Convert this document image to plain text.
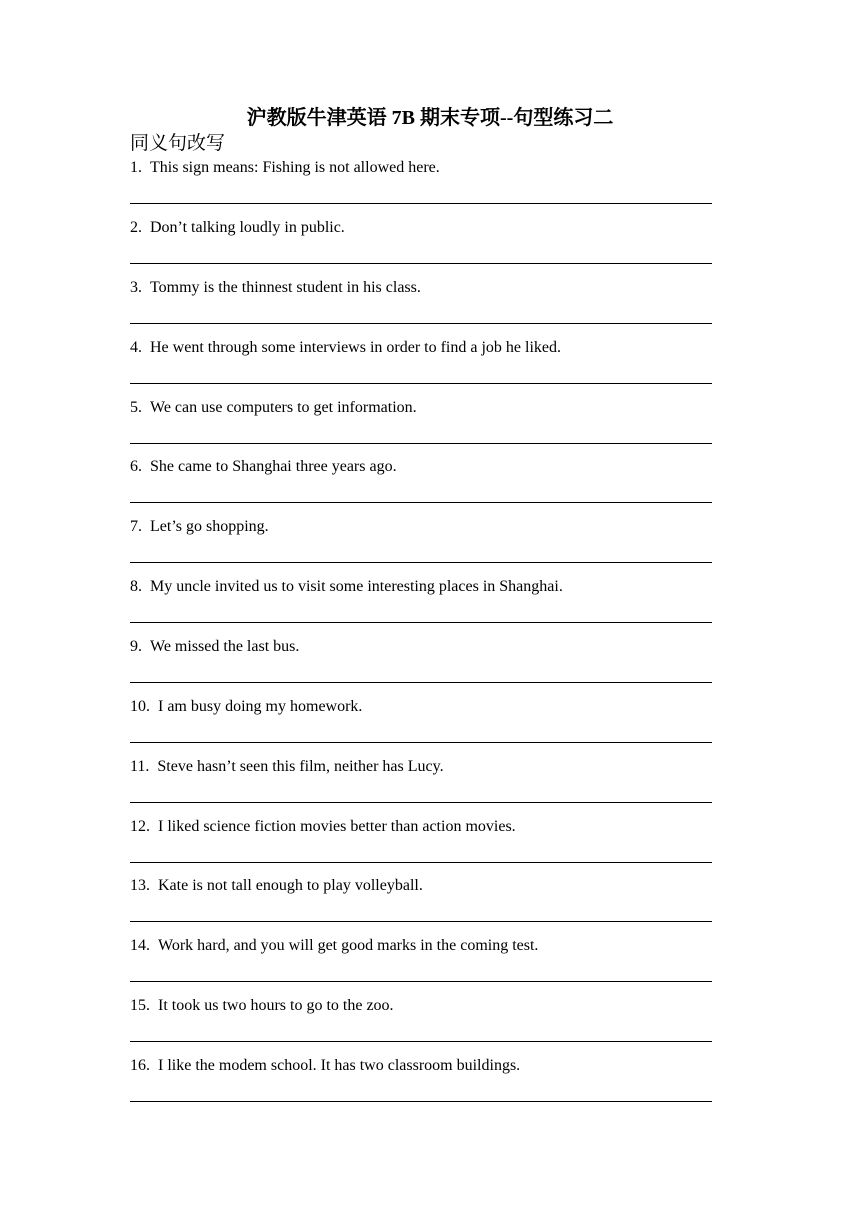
沪教版牛津英语 7B 期末专项--句型练习二
同义句改写
1. This sign means: Fishing is not allowed here.
2. Don’t talking loudly in public.
3. Tommy is the thinnest student in his class.
4. He went through some interviews in order to find a job he liked.
5. We can use computers to get information.
6. She came to Shanghai three years ago.
7. Let’s go shopping.
8. My uncle invited us to visit some interesting places in Shanghai.
9. We missed the last bus.
10. I am busy doing my homework.
11. Steve hasn’t seen this film, neither has Lucy.
12. I liked science fiction movies better than action movies.
13. Kate is not tall enough to play volleyball.
14. Work hard, and you will get good marks in the coming test.
15. It took us two hours to go to the zoo.
16. I like the modem school. It has two classroom buildings.
